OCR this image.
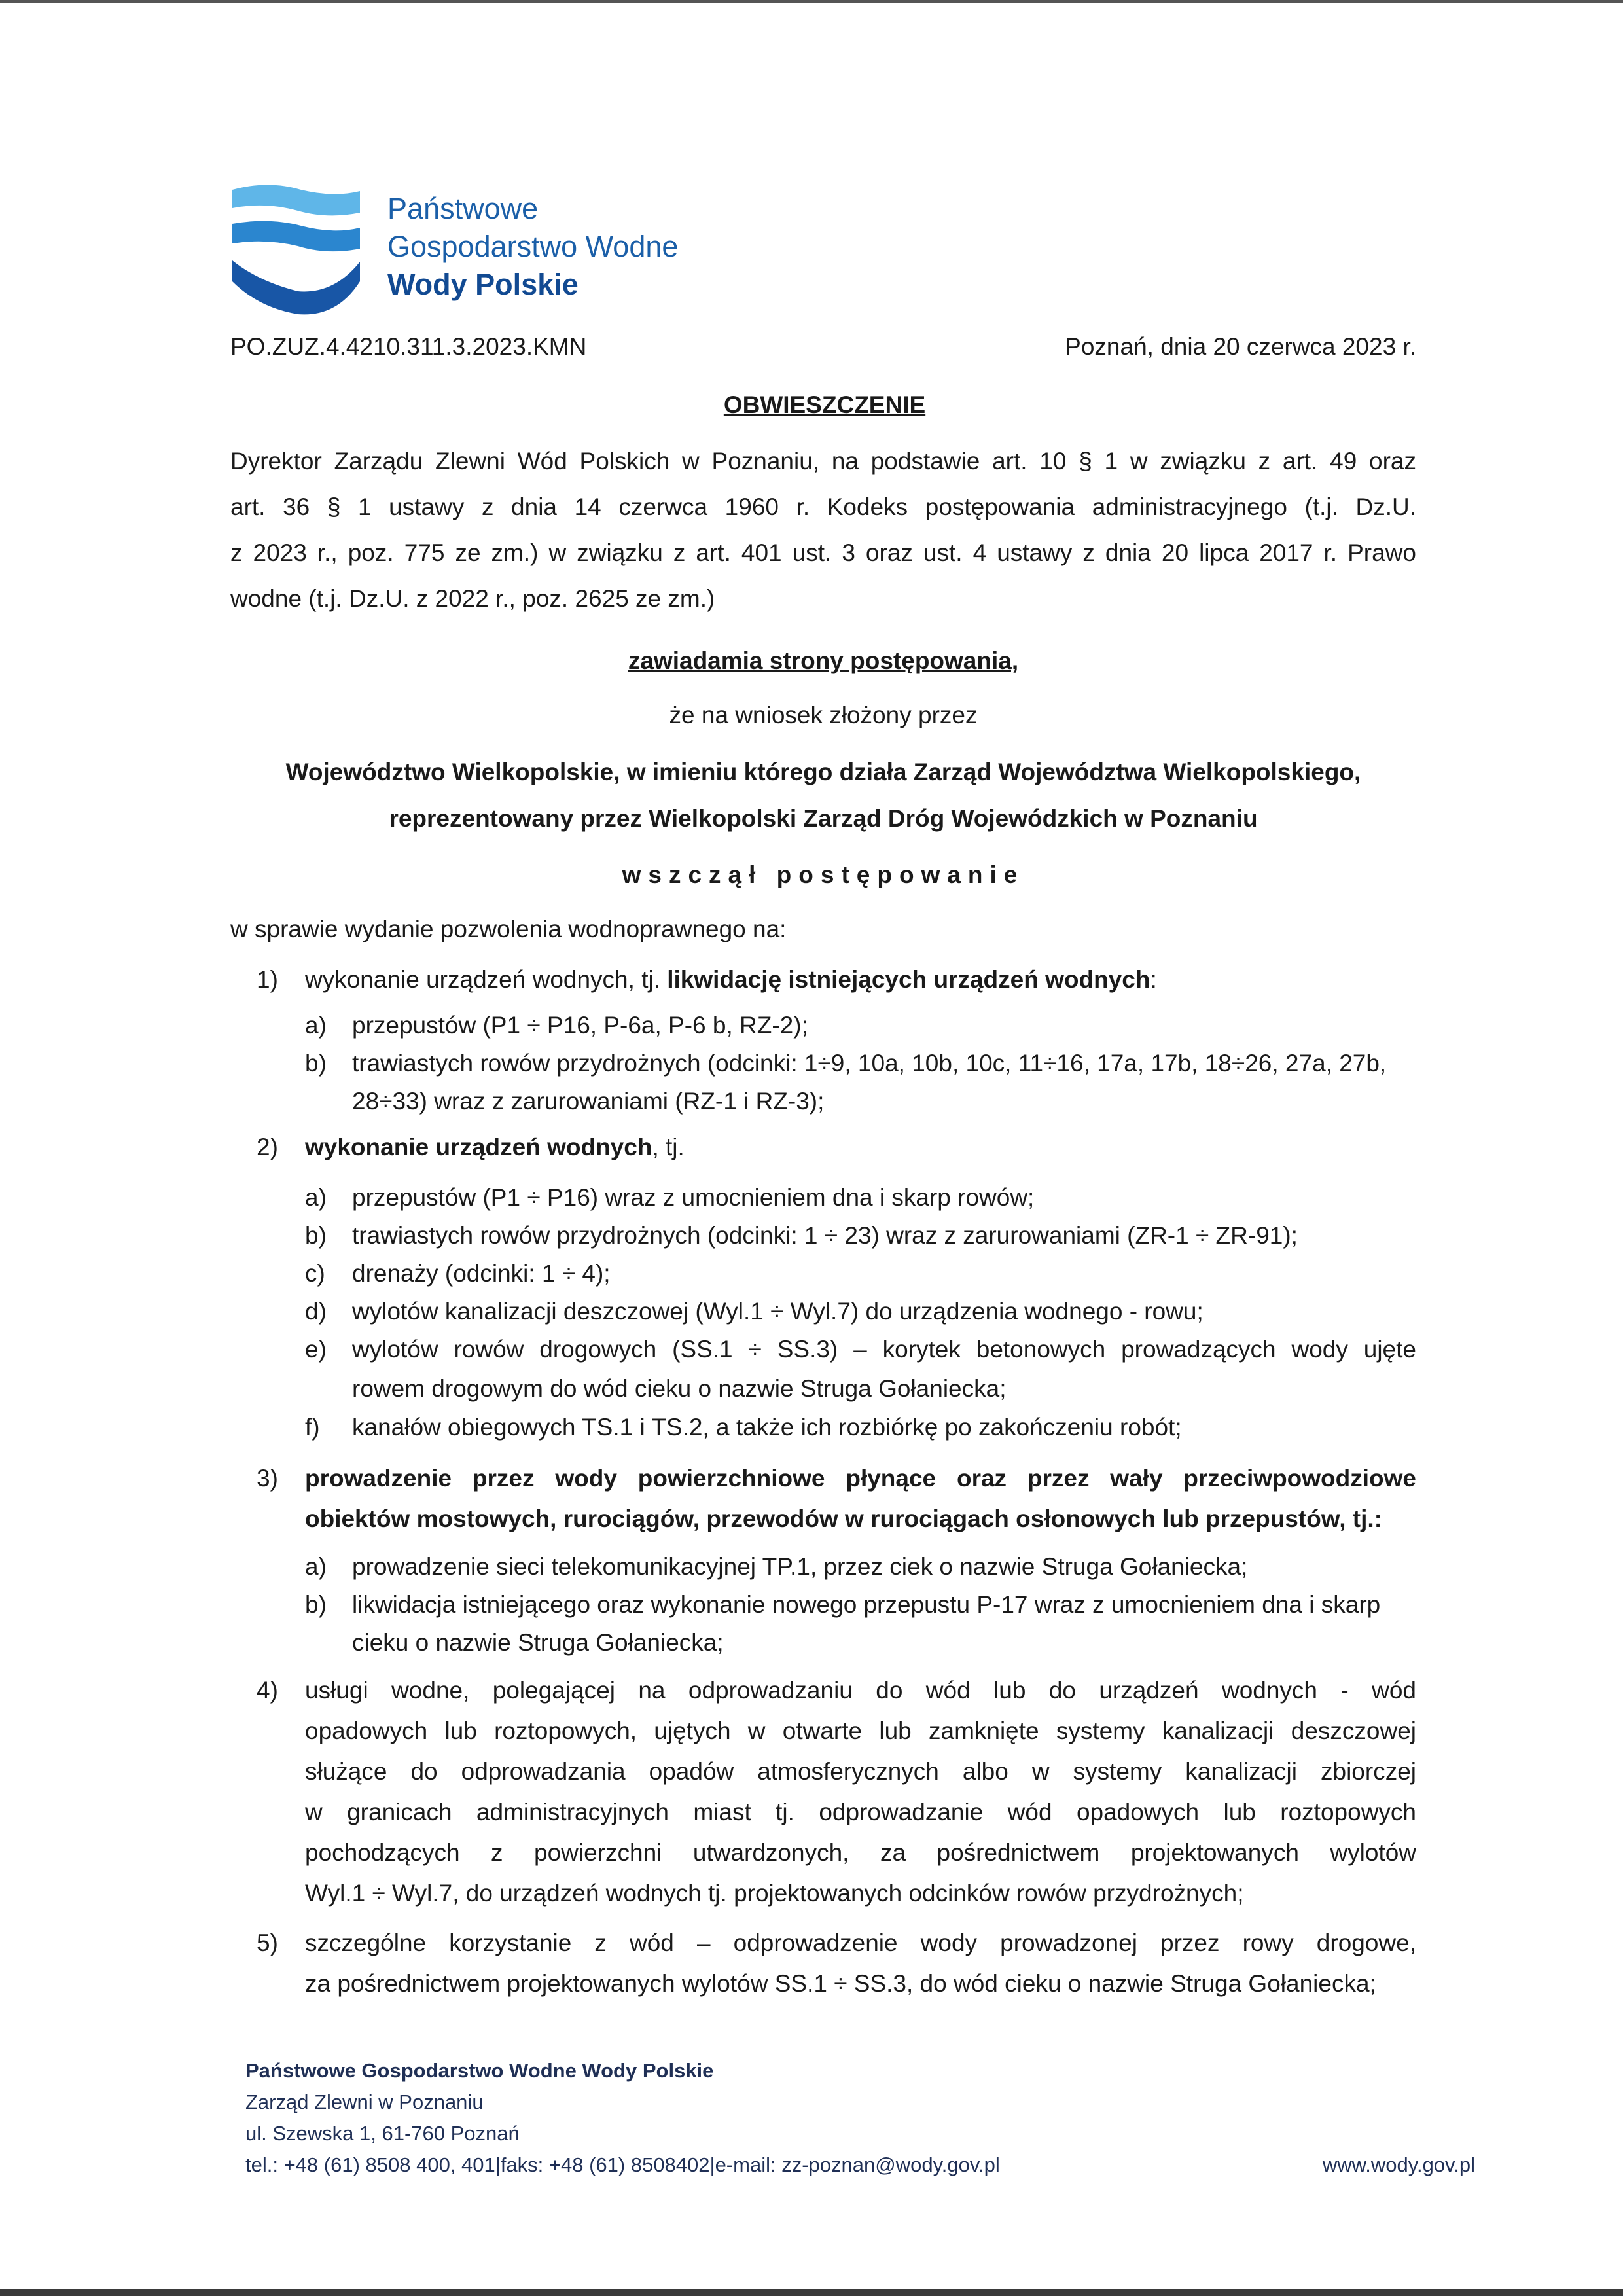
Państwowe
Gospodarstwo Wodne
Wody Polskie
PO.ZUZ.4.4210.311.3.2023.KMN	Poznań, dnia 20 czerwca 2023 r.
OBWIESZCZENIE
Dyrektor Zarządu Zlewni Wód Polskich w Poznaniu, na podstawie art. 10 § 1 w związku z art. 49 oraz
art. 36 § 1 ustawy z dnia 14 czerwca 1960 r. Kodeks postępowania administracyjnego (t.j. Dz.U.
z 2023 r., poz. 775 ze zm.) w związku z art. 401 ust. 3 oraz ust. 4 ustawy z dnia 20 lipca 2017 r. Prawo
wodne (t.j. Dz.U. z 2022 r., poz. 2625 ze zm.)
zawiadamia strony postępowania,
że na wniosek złożony przez
Województwo Wielkopolskie, w imieniu którego działa Zarząd Województwa Wielkopolskiego,
reprezentowany przez Wielkopolski Zarząd Dróg Wojewódzkich w Poznaniu
wszczął postępowanie
w sprawie wydanie pozwolenia wodnoprawnego na:
1) wykonanie urządzeń wodnych, tj. likwidację istniejących urządzeń wodnych:
a) przepustów (P1 ÷ P16, P-6a, P-6 b, RZ-2);
b) trawiastych rowów przydrożnych (odcinki: 1÷9, 10a, 10b, 10c, 11÷16, 17a, 17b, 18÷26, 27a, 27b,
28÷33) wraz z zarurowaniami (RZ-1 i RZ-3);
2) wykonanie urządzeń wodnych, tj.
a) przepustów (P1 ÷ P16) wraz z umocnieniem dna i skarp rowów;
b) trawiastych rowów przydrożnych (odcinki: 1 ÷ 23) wraz z zarurowaniami (ZR-1 ÷ ZR-91);
c) drenaży (odcinki: 1 ÷ 4);
d) wylotów kanalizacji deszczowej (Wyl.1 ÷ Wyl.7) do urządzenia wodnego - rowu;
e) wylotów rowów drogowych (SS.1 ÷ SS.3) – korytek betonowych prowadzących wody ujęte
rowem drogowym do wód cieku o nazwie Struga Gołaniecka;
f) kanałów obiegowych TS.1 i TS.2, a także ich rozbiórkę po zakończeniu robót;
3) prowadzenie przez wody powierzchniowe płynące oraz przez wały przeciwpowodziowe
obiektów mostowych, rurociągów, przewodów w rurociągach osłonowych lub przepustów, tj.:
a) prowadzenie sieci telekomunikacyjnej TP.1, przez ciek o nazwie Struga Gołaniecka;
b) likwidacja istniejącego oraz wykonanie nowego przepustu P-17 wraz z umocnieniem dna i skarp
cieku o nazwie Struga Gołaniecka;
4) usługi wodne, polegającej na odprowadzaniu do wód lub do urządzeń wodnych - wód
opadowych lub roztopowych, ujętych w otwarte lub zamknięte systemy kanalizacji deszczowej
służące do odprowadzania opadów atmosferycznych albo w systemy kanalizacji zbiorczej
w granicach administracyjnych miast tj. odprowadzanie wód opadowych lub roztopowych
pochodzących z powierzchni utwardzonych, za pośrednictwem projektowanych wylotów
Wyl.1 ÷ Wyl.7, do urządzeń wodnych tj. projektowanych odcinków rowów przydrożnych;
5) szczególne korzystanie z wód – odprowadzenie wody prowadzonej przez rowy drogowe,
za pośrednictwem projektowanych wylotów SS.1 ÷ SS.3, do wód cieku o nazwie Struga Gołaniecka;
Państwowe Gospodarstwo Wodne Wody Polskie
Zarząd Zlewni w Poznaniu
ul. Szewska 1, 61-760 Poznań
tel.: +48 (61) 8508 400, 401|faks: +48 (61) 8508402|e-mail: zz-poznan@wody.gov.pl	www.wody.gov.pl
